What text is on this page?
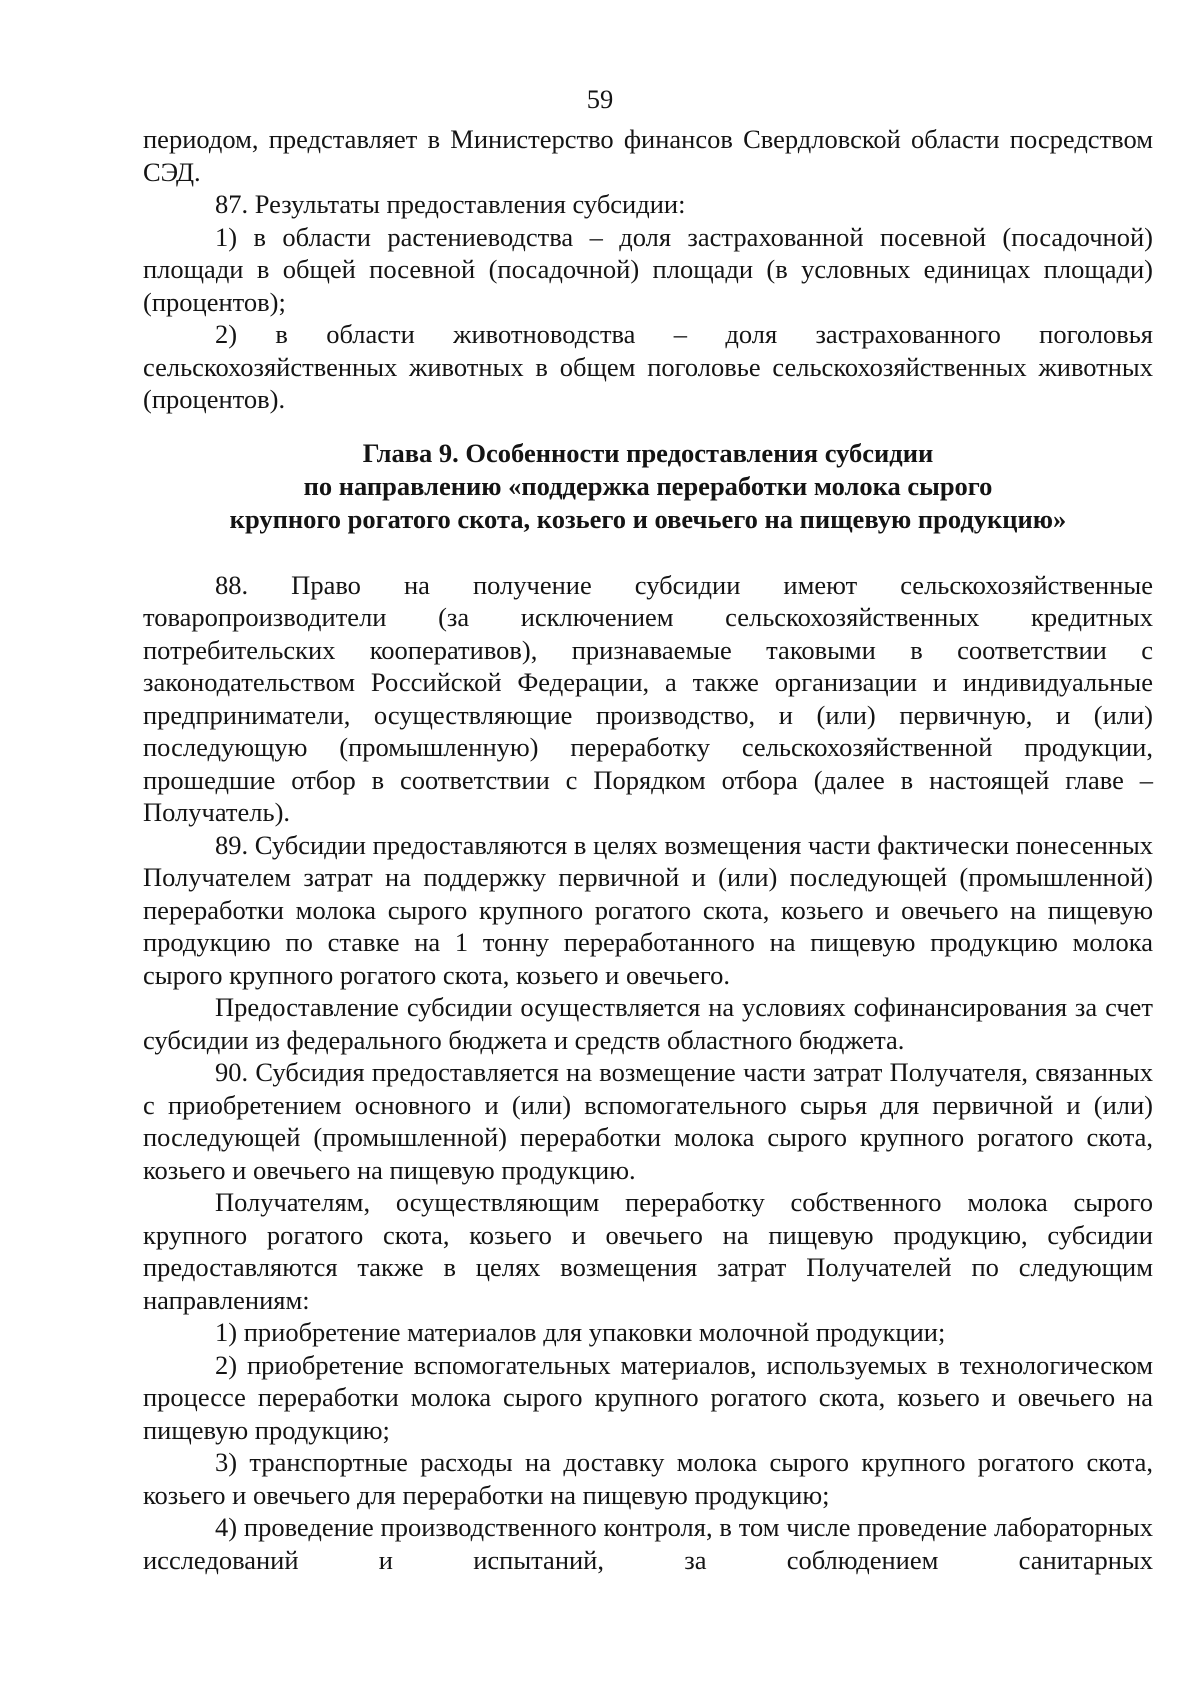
59

периодом, представляет в Министерство финансов Свердловской области посредством СЭД.

87. Результаты предоставления субсидии:

1) в области растениеводства – доля застрахованной посевной (посадочной) площади в общей посевной (посадочной) площади (в условных единицах площади) (процентов);

2) в области животноводства – доля застрахованного поголовья сельскохозяйственных животных в общем поголовье сельскохозяйственных животных (процентов).

Глава 9. Особенности предоставления субсидии
по направлению «поддержка переработки молока сырого
крупного рогатого скота, козьего и овечьего на пищевую продукцию»

88. Право на получение субсидии имеют сельскохозяйственные товаропроизводители (за исключением сельскохозяйственных кредитных потребительских кооперативов), признаваемые таковыми в соответствии с законодательством Российской Федерации, а также организации и индивидуальные предприниматели, осуществляющие производство, и (или) первичную, и (или) последующую (промышленную) переработку сельскохозяйственной продукции, прошедшие отбор в соответствии с Порядком отбора (далее в настоящей главе – Получатель).

89. Субсидии предоставляются в целях возмещения части фактически понесенных Получателем затрат на поддержку первичной и (или) последующей (промышленной) переработки молока сырого крупного рогатого скота, козьего и овечьего на пищевую продукцию по ставке на 1 тонну переработанного на пищевую продукцию молока сырого крупного рогатого скота, козьего и овечьего.

Предоставление субсидии осуществляется на условиях софинансирования за счет субсидии из федерального бюджета и средств областного бюджета.

90. Субсидия предоставляется на возмещение части затрат Получателя, связанных с приобретением основного и (или) вспомогательного сырья для первичной и (или) последующей (промышленной) переработки молока сырого крупного рогатого скота, козьего и овечьего на пищевую продукцию.

Получателям, осуществляющим переработку собственного молока сырого крупного рогатого скота, козьего и овечьего на пищевую продукцию, субсидии предоставляются также в целях возмещения затрат Получателей по следующим направлениям:

1) приобретение материалов для упаковки молочной продукции;

2) приобретение вспомогательных материалов, используемых в технологическом процессе переработки молока сырого крупного рогатого скота, козьего и овечьего на пищевую продукцию;

3) транспортные расходы на доставку молока сырого крупного рогатого скота, козьего и овечьего для переработки на пищевую продукцию;

4) проведение производственного контроля, в том числе проведение лабораторных исследований и испытаний, за соблюдением санитарных
